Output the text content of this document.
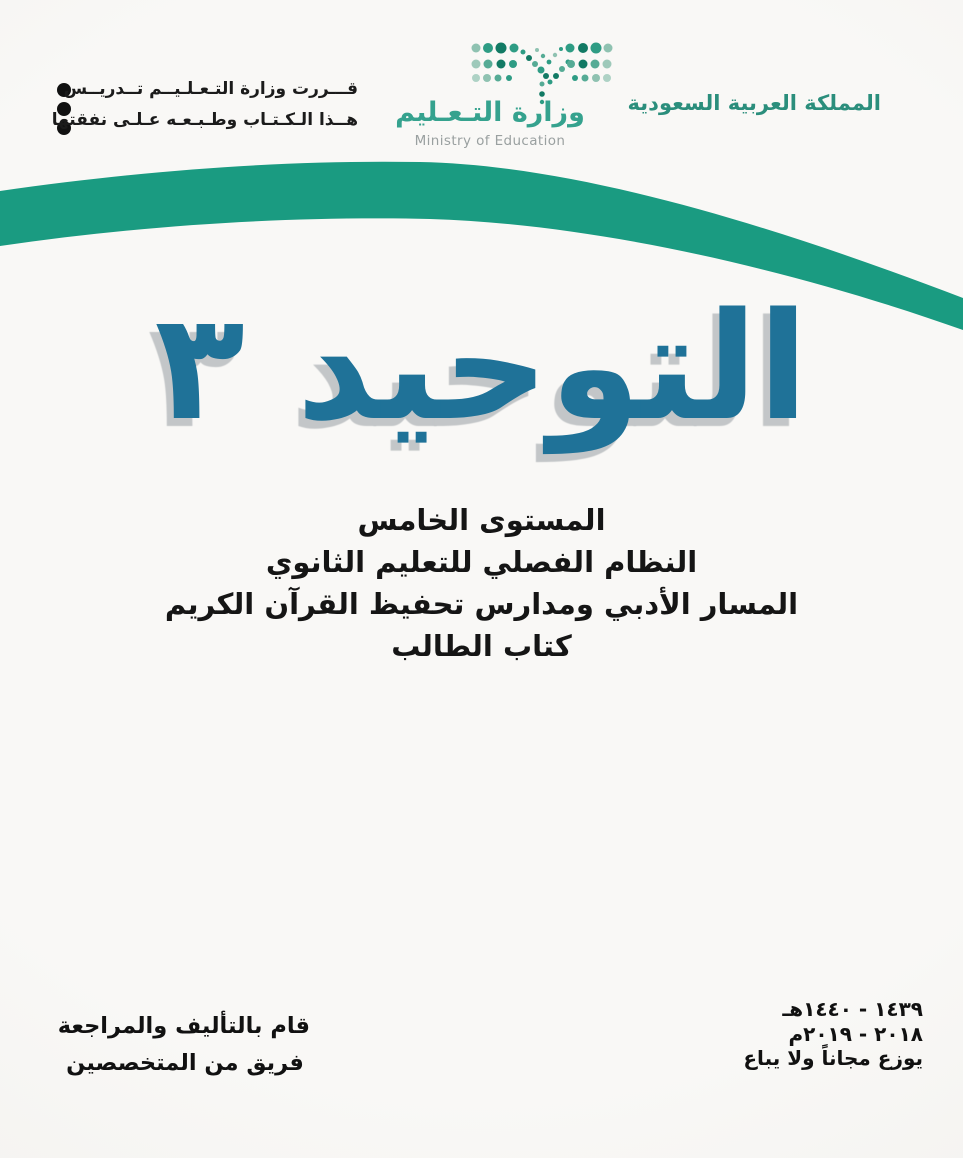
قـــررت وزارة التـعـلـيــم تــدريــس
هــذا الـكـتـاب وطـبـعـه عـلـى نفقتها
المملكة العربية السعودية
وزارة التـعـليم
Ministry of Education
التوحيد ٣
المستوى الخامس
النظام الفصلي للتعليم الثانوي
المسار الأدبي ومدارس تحفيظ القرآن الكريم
كتاب الطالب
قام بالتأليف والمراجعة
فريق من المتخصصين
١٤٣٩ - ١٤٤٠هـ
٢٠١٨ - ٢٠١٩م
يوزع مجاناً ولا يباع
